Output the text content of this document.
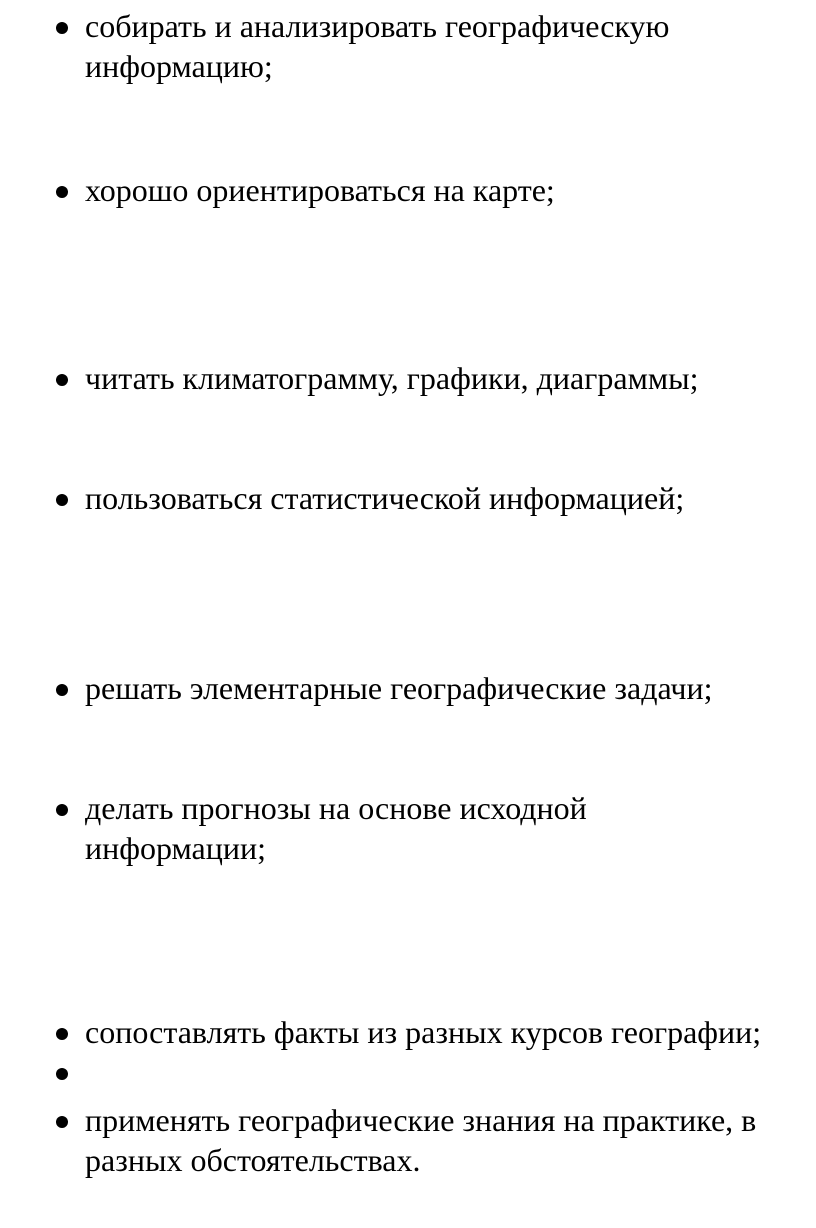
собирать и анализировать географическую информацию;
хорошо ориентироваться на карте;
читать климатограмму, графики, диаграммы;
пользоваться статистической информацией;
решать элементарные географические задачи;
делать прогнозы на основе исходной информации;
сопоставлять факты из разных курсов географии;
применять географические знания на практике, в разных обстоятельствах.
